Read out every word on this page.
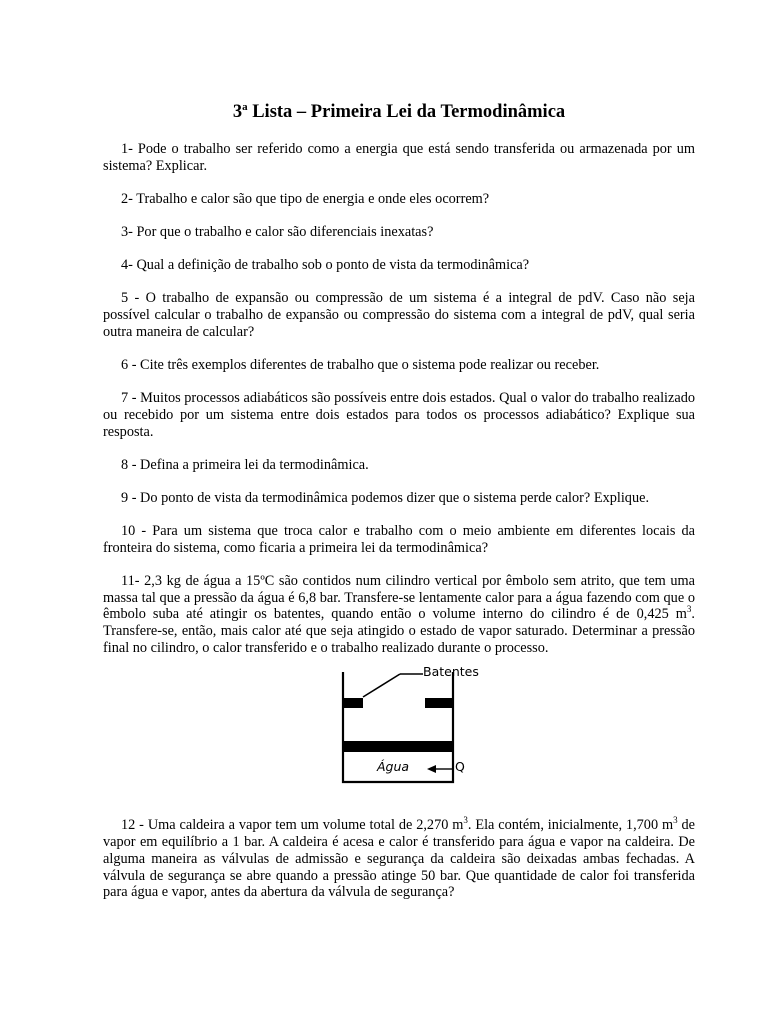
3$^a$ Lista – Primeira Lei da Termodinâmica

1- Pode o trabalho ser referido como a energia que está sendo transferida ou armazenada por um sistema? Explicar.

2- Trabalho e calor são que tipo de energia e onde eles ocorrem?

3- Por que o trabalho e calor são diferenciais inexatas?

4- Qual a definição de trabalho sob o ponto de vista da termodinâmica?

5 - O trabalho de expansão ou compressão de um sistema é a integral de pdV. Caso não seja possível calcular o trabalho de expansão ou compressão do sistema com a integral de pdV, qual seria outra maneira de calcular?

6 - Cite três exemplos diferentes de trabalho que o sistema pode realizar ou receber.

7 - Muitos processos adiabáticos são possíveis entre dois estados. Qual o valor do trabalho realizado ou recebido por um sistema entre dois estados para todos os processos adiabático? Explique sua resposta.

8 - Defina a primeira lei da termodinâmica.

9 - Do ponto de vista da termodinâmica podemos dizer que o sistema perde calor? Explique.

10 - Para um sistema que troca calor e trabalho com o meio ambiente em diferentes locais da fronteira do sistema, como ficaria a primeira lei da termodinâmica?

11- 2,3 kg de água a 15ºC são contidos num cilindro vertical por êmbolo sem atrito, que tem uma massa tal que a pressão da água é 6,8 bar. Transfere-se lentamente calor para a água fazendo com que o êmbolo suba até atingir os batentes, quando então o volume interno do cilindro é de 0,425 $m^3$. Transfere-se, então, mais calor até que seja atingido o estado de vapor saturado. Determinar a pressão final no cilindro, o calor transferido e o trabalho realizado durante o processo.

Batentes
Água	Q

12 - Uma caldeira a vapor tem um volume total de 2,270 $m^3$. Ela contém, inicialmente, 1,700 $m^3$ de vapor em equilíbrio a 1 bar. A caldeira é acesa e calor é transferido para água e vapor na caldeira. De alguma maneira as válvulas de admissão e segurança da caldeira são deixadas ambas fechadas. A válvula de segurança se abre quando a pressão atinge 50 bar. Que quantidade de calor foi transferida para água e vapor, antes da abertura da válvula de segurança?
